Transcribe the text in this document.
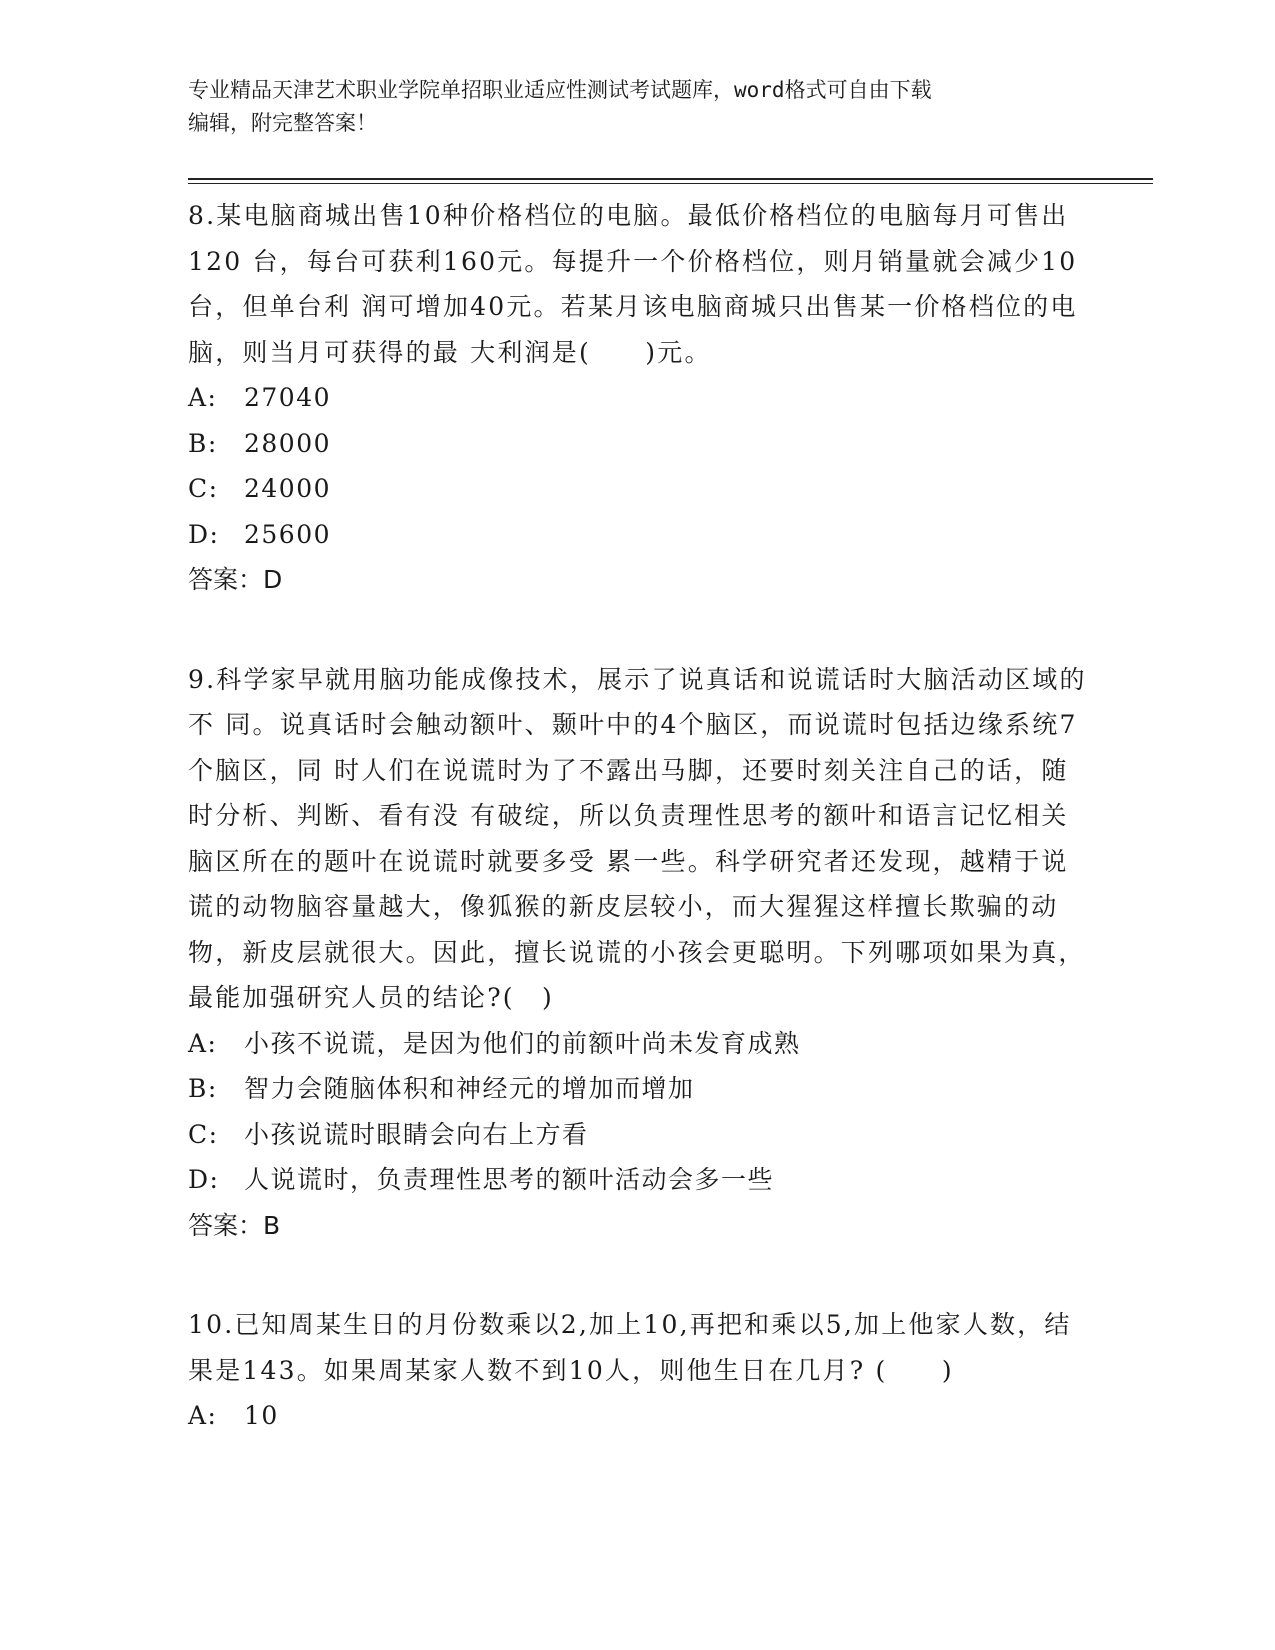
专业精品天津艺术职业学院单招职业适应性测试考试题库，word格式可自由下载
编辑，附完整答案！

8.某电脑商城出售10种价格档位的电脑。最低价格档位的电脑每月可售出120 台，每台可获利160元。每提升一个价格档位，则月销量就会减少10台，但单台利 润可增加40元。若某月该电脑商城只出售某一价格档位的电脑，则当月可获得的最 大利润是(　　)元。

A:	27040
B:	28000
C:	24000
D: 25600
答案：D

9.科学家早就用脑功能成像技术，展示了说真话和说谎话时大脑活动区域的不 同。说真话时会触动额叶、颞叶中的4个脑区，而说谎时包括边缘系统7个脑区，同 时人们在说谎时为了不露出马脚，还要时刻关注自己的话，随时分析、判断、看有没 有破绽，所以负责理性思考的额叶和语言记忆相关脑区所在的题叶在说谎时就要多受 累一些。科学研究者还发现，越精于说谎的动物脑容量越大，像狐猴的新皮层较小，而大猩猩这样擅长欺骗的动物，新皮层就很大。因此，擅长说谎的小孩会更聪明。下列哪项如果为真，最能加强研究人员的结论?(　)

A:	小孩不说谎，是因为他们的前额叶尚未发育成熟
B:	智力会随脑体积和神经元的增加而增加
C:	小孩说谎时眼睛会向右上方看
D: 人说谎时，负责理性思考的额叶活动会多一些
答案：B

10.已知周某生日的月份数乘以2,加上10,再把和乘以5,加上他家人数，结果是143。如果周某家人数不到10人，则他生日在几月? (　　)

A:	10
